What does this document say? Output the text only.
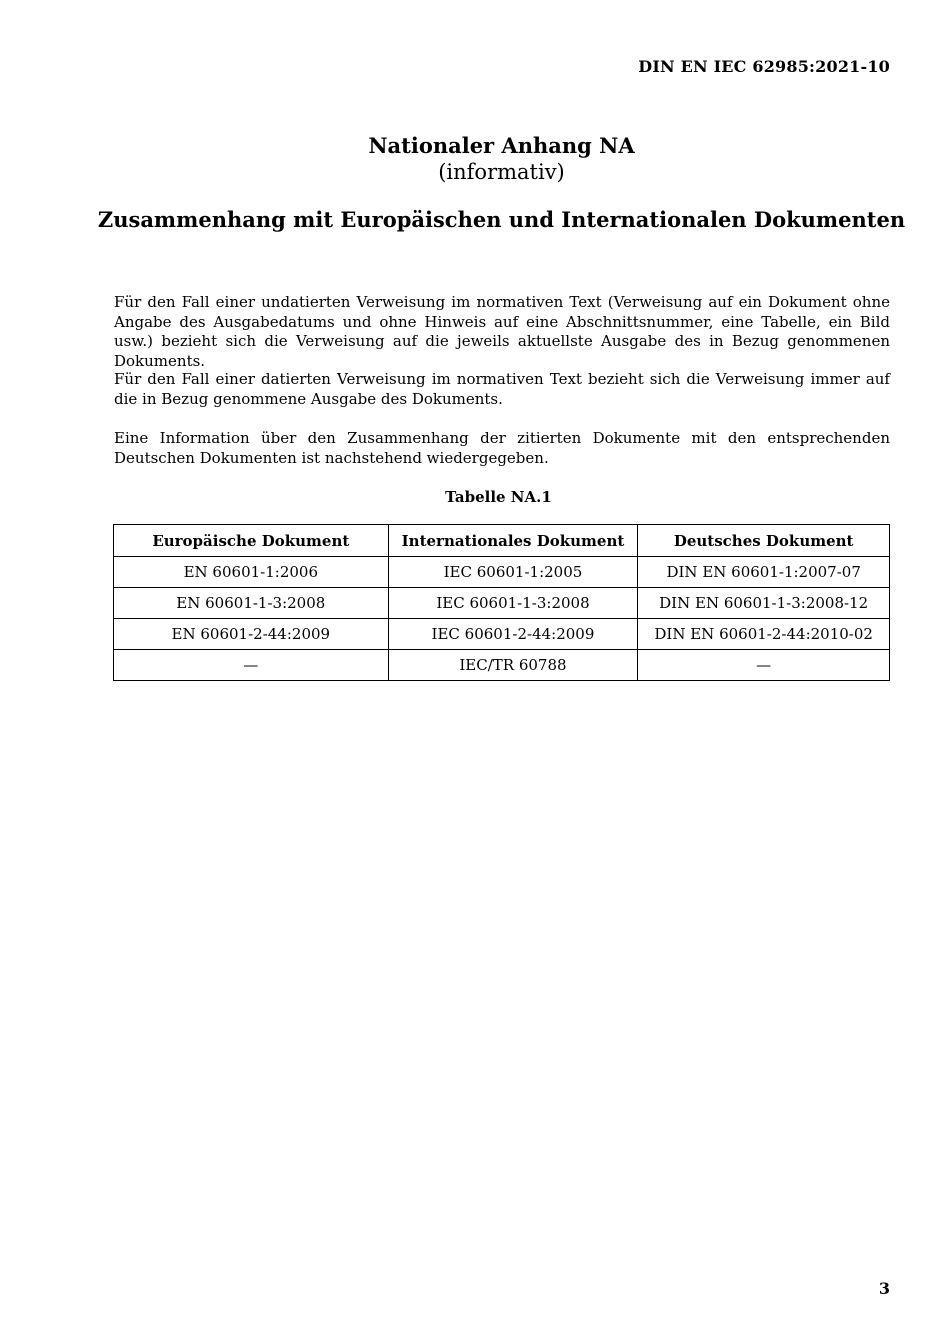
DIN EN IEC 62985:2021-10
Nationaler Anhang NA
(informativ)
Zusammenhang mit Europäischen und Internationalen Dokumenten

Für den Fall einer undatierten Verweisung im normativen Text (Verweisung auf ein Dokument ohne Angabe des Ausgabedatums und ohne Hinweis auf eine Abschnittsnummer, eine Tabelle, ein Bild usw.) bezieht sich die Verweisung auf die jeweils aktuellste Ausgabe des in Bezug genommenen Dokuments.

Für den Fall einer datierten Verweisung im normativen Text bezieht sich die Verweisung immer auf die in Bezug genommene Ausgabe des Dokuments.

Eine Information über den Zusammenhang der zitierten Dokumente mit den entsprechenden Deutschen Dokumenten ist nachstehend wiedergegeben.

Tabelle NA.1
Europäische Dokument	Internationales Dokument	Deutsches Dokument
EN 60601-1:2006	IEC 60601-1:2005	DIN EN 60601-1:2007-07
EN 60601-1-3:2008	IEC 60601-1-3:2008	DIN EN 60601-1-3:2008-12
EN 60601-2-44:2009	IEC 60601-2-44:2009	DIN EN 60601-2-44:2010-02
—	IEC/TR 60788	—
3
